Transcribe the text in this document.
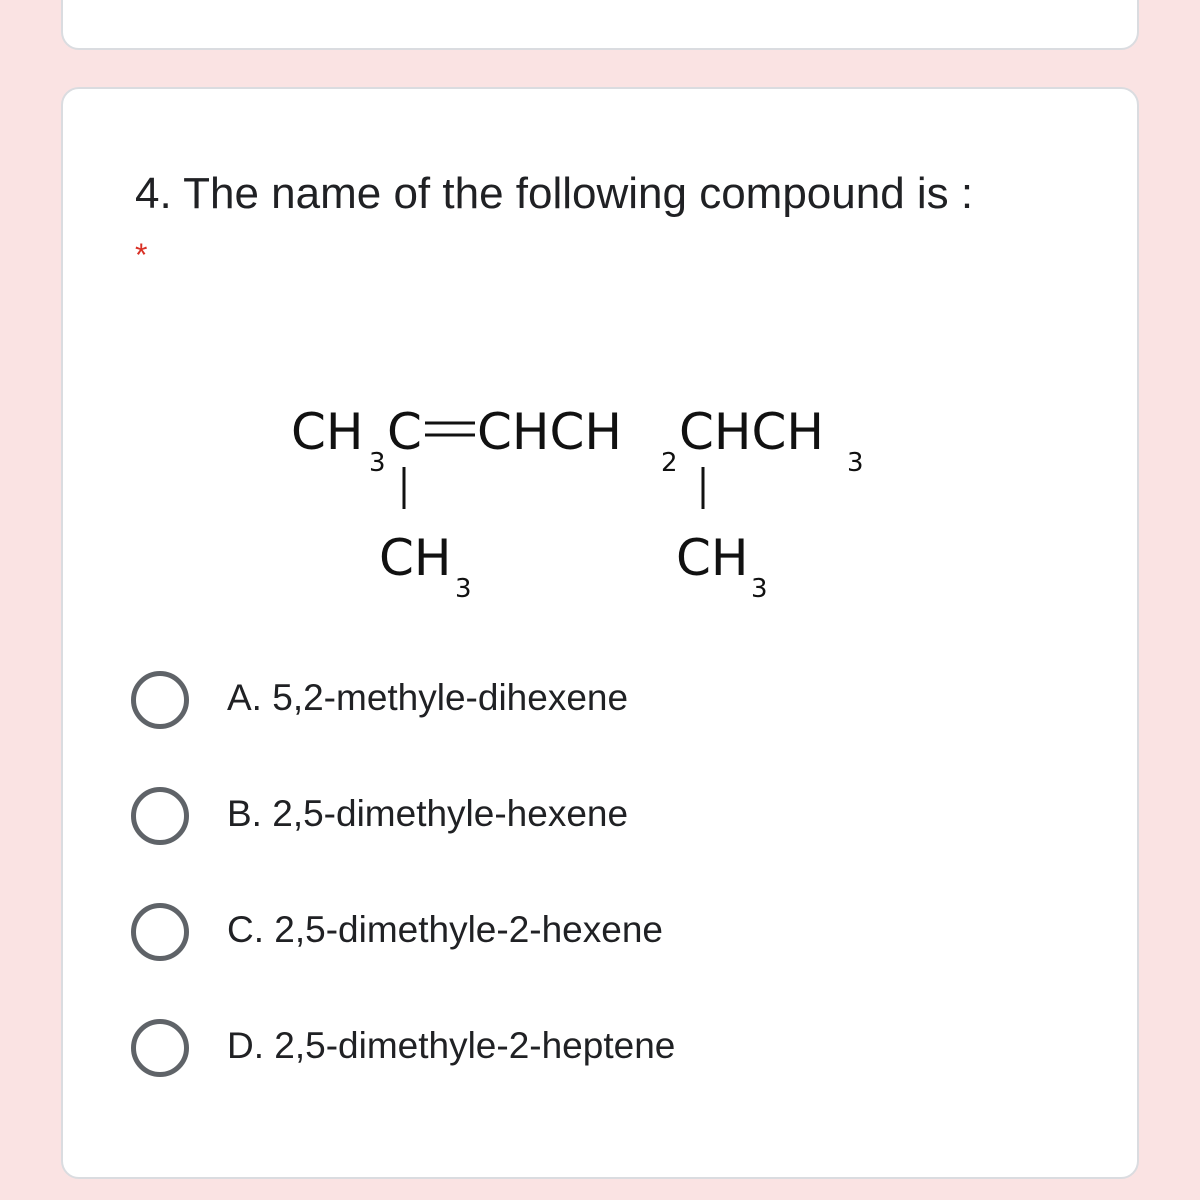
4. The name of the following compound is :
*
CH
3
C CHCH
2
CHCH
3
CH
3
CH
3
A. 5,2-methyle-dihexene
B. 2,5-dimethyle-hexene
C. 2,5-dimethyle-2-hexene
D. 2,5-dimethyle-2-heptene
